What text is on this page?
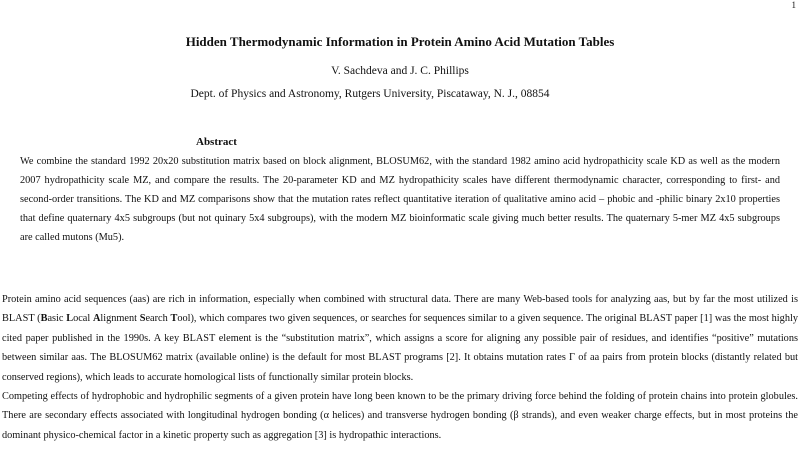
1
Hidden Thermodynamic Information in Protein Amino Acid Mutation Tables
V. Sachdeva and J. C. Phillips
Dept. of Physics and Astronomy, Rutgers University, Piscataway, N. J., 08854
Abstract
We combine the standard 1992 20x20 substitution matrix based on block alignment, BLOSUM62, with the standard 1982 amino acid hydropathicity scale KD as well as the modern 2007 hydropathicity scale MZ, and compare the results. The 20-parameter KD and MZ hydropathicity scales have different thermodynamic character, corresponding to first- and second-order transitions. The KD and MZ comparisons show that the mutation rates reflect quantitative iteration of qualitative amino acid – phobic and -philic binary 2x10 properties that define quaternary 4x5 subgroups (but not quinary 5x4 subgroups), with the modern MZ bioinformatic scale giving much better results. The quaternary 5-mer MZ 4x5 subgroups are called mutons (Mu5).
Protein amino acid sequences (aas) are rich in information, especially when combined with structural data. There are many Web-based tools for analyzing aas, but by far the most utilized is BLAST (Basic Local Alignment Search Tool), which compares two given sequences, or searches for sequences similar to a given sequence. The original BLAST paper [1] was the most highly cited paper published in the 1990s. A key BLAST element is the “substitution matrix”, which assigns a score for aligning any possible pair of residues, and identifies “positive” mutations between similar aas. The BLOSUM62 matrix (available online) is the default for most BLAST programs [2]. It obtains mutation rates Γ of aa pairs from protein blocks (distantly related but conserved regions), which leads to accurate homological lists of functionally similar protein blocks.
Competing effects of hydrophobic and hydrophilic segments of a given protein have long been known to be the primary driving force behind the folding of protein chains into protein globules. There are secondary effects associated with longitudinal hydrogen bonding (α helices) and transverse hydrogen bonding (β strands), and even weaker charge effects, but in most proteins the dominant physico-chemical factor in a kinetic property such as aggregation [3] is hydropathic interactions.
